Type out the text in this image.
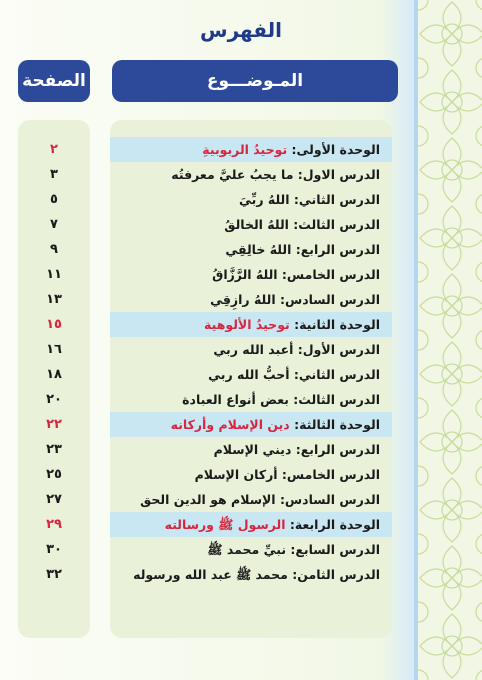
الفهرس
المـوضـــوع
الصفحة
الوحدة الأولى: توحيدُ الربوبيةِ
٢
الدرس الاول: ما يجبُ عليَّ معرفتُه
٣
الدرس الثاني: اللهُ ربِّيَ
٥
الدرس الثالث: اللهُ الخالقُ
٧
الدرس الرابع: اللهُ خالِقِي
٩
الدرس الخامس: اللهُ الرَّزَّاقُ
١١
الدرس السادس: اللهُ رازِقِي
١٣
الوحدة الثانية: توحيدُ الألوهية
١٥
الدرس الأول: أعبد الله ربي
١٦
الدرس الثاني: أحبُّ الله ربي
١٨
الدرس الثالث: بعض أنواع العبادة
٢٠
الوحدة الثالثة: دين الإسلام وأركانه
٢٢
الدرس الرابع: ديني الإسلام
٢٣
الدرس الخامس: أركان الإسلام
٢٥
الدرس السادس: الإسلام هو الدين الحق
٢٧
الوحدة الرابعة: الرسول ﷺ ورسالته
٢٩
الدرس السابع: نبيِّ محمد ﷺ
٣٠
الدرس الثامن: محمد ﷺ عبد الله ورسوله
٣٢
